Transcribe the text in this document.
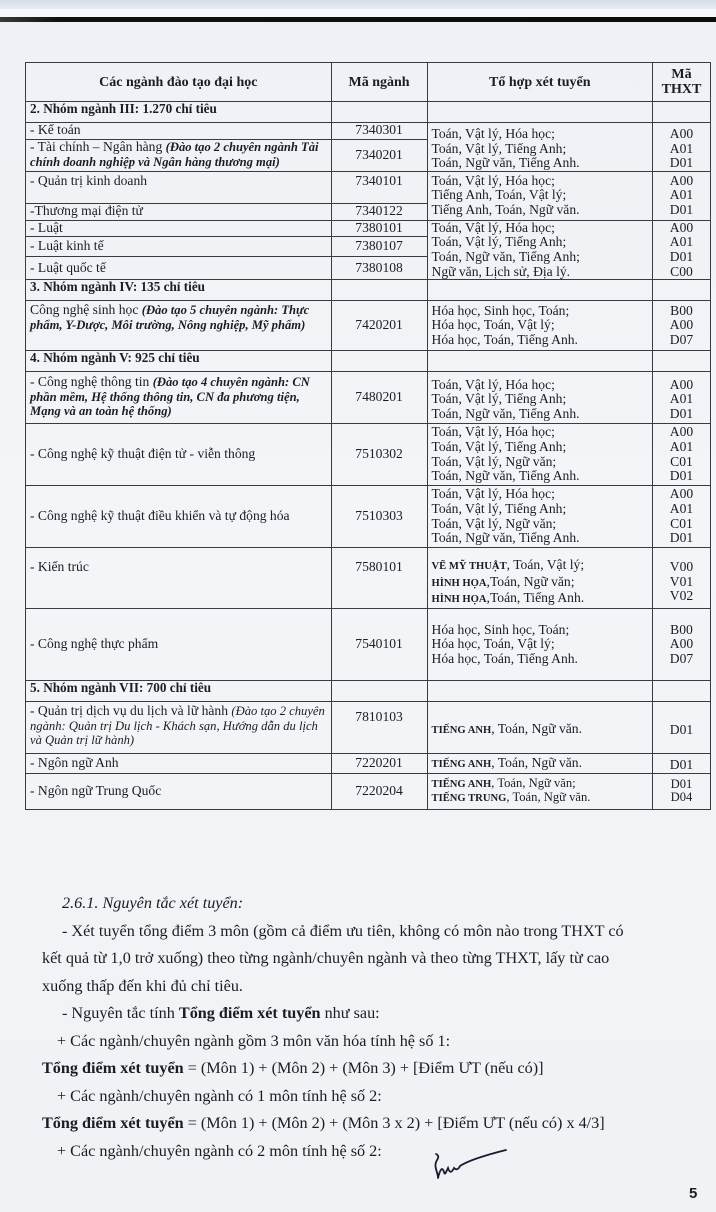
Các ngành đào tạo đại học	Mã ngành	Tổ hợp xét tuyển	Mã
THXT

2. Nhóm ngành III: 1.270 chỉ tiêu			
- Kế toán	7340301	Toán, Vật lý, Hóa học;
Toán, Vật lý, Tiếng Anh;
Toán, Ngữ văn, Tiếng Anh.	A00
A01
D01

- Tài chính – Ngân hàng (Đào tạo 2 chuyên ngành Tài chính doanh nghiệp và Ngân hàng thương mại)	7340201		
- Quản trị kinh doanh	7340101	Toán, Vật lý, Hóa học;
Tiếng Anh, Toán, Vật lý;
Tiếng Anh, Toán, Ngữ văn.	A00
A01
D01

-Thương mại điện tử	7340122		
- Luật	7380101	Toán, Vật lý, Hóa học;
Toán, Vật lý, Tiếng Anh;
Toán, Ngữ văn, Tiếng Anh;
Ngữ văn, Lịch sử, Địa lý.	A00
A01
D01
C00

- Luật kinh tế	7380107		
- Luật quốc tế	7380108		
3. Nhóm ngành IV: 135 chỉ tiêu			
Công nghệ sinh học (Đào tạo 5 chuyên ngành: Thực phẩm, Y-Dược, Môi trường, Nông nghiệp, Mỹ phẩm)	7420201	Hóa học, Sinh học, Toán;
Hóa học, Toán, Vật lý;
Hóa học, Toán, Tiếng Anh.	B00
A00
D07

4. Nhóm ngành V: 925 chỉ tiêu			
- Công nghệ thông tin (Đào tạo 4 chuyên ngành: CN phần mềm, Hệ thống thông tin, CN đa phương tiện, Mạng và an toàn hệ thống)	7480201	Toán, Vật lý, Hóa học;
Toán, Vật lý, Tiếng Anh;
Toán, Ngữ văn, Tiếng Anh.	A00
A01
D01

- Công nghệ kỹ thuật điện tử - viễn thông	7510302	Toán, Vật lý, Hóa học;
Toán, Vật lý, Tiếng Anh;
Toán, Vật lý, Ngữ văn;
Toán, Ngữ văn, Tiếng Anh.	A00
A01
C01
D01

- Công nghệ kỹ thuật điều khiển và tự động hóa	7510303	Toán, Vật lý, Hóa học;
Toán, Vật lý, Tiếng Anh;
Toán, Vật lý, Ngữ văn;
Toán, Ngữ văn, Tiếng Anh.	A00
A01
C01
D01

- Kiến trúc	7580101	VẼ MỸ THUẬT, Toán, Vật lý;
HÌNH HỌA,Toán, Ngữ văn;
HÌNH HỌA,Toán, Tiếng Anh.	V00
V01
V02

- Công nghệ thực phẩm	7540101	Hóa học, Sinh học, Toán;
Hóa học, Toán, Vật lý;
Hóa học, Toán, Tiếng Anh.	B00
A00
D07

5. Nhóm ngành VII: 700 chỉ tiêu			
- Quản trị dịch vụ du lịch và lữ hành (Đào tạo 2 chuyên ngành: Quản trị Du lịch - Khách sạn, Hướng dẫn du lịch và Quản trị lữ hành)	7810103	TIẾNG ANH, Toán, Ngữ văn.	D01

- Ngôn ngữ Anh	7220201	TIẾNG ANH, Toán, Ngữ văn.	D01

- Ngôn ngữ Trung Quốc	7220204	TIẾNG ANH, Toán, Ngữ văn;
TIẾNG TRUNG, Toán, Ngữ văn.	D01
D04
2.6.1. Nguyên tắc xét tuyển:
- Xét tuyển tổng điểm 3 môn (gồm cả điểm ưu tiên, không có môn nào trong THXT có
kết quả từ 1,0 trở xuống) theo từng ngành/chuyên ngành và theo từng THXT, lấy từ cao
xuống thấp đến khi đủ chỉ tiêu.
- Nguyên tắc tính Tổng điểm xét tuyển như sau:
+ Các ngành/chuyên ngành gồm 3 môn văn hóa tính hệ số 1:
Tổng điểm xét tuyển = (Môn 1) + (Môn 2) + (Môn 3) + [Điểm ƯT (nếu có)]
+ Các ngành/chuyên ngành có 1 môn tính hệ số 2:
Tổng điểm xét tuyển = (Môn 1) + (Môn 2) + (Môn 3 x 2) + [Điểm ƯT (nếu có) x 4/3]
+ Các ngành/chuyên ngành có 2 môn tính hệ số 2:
5
